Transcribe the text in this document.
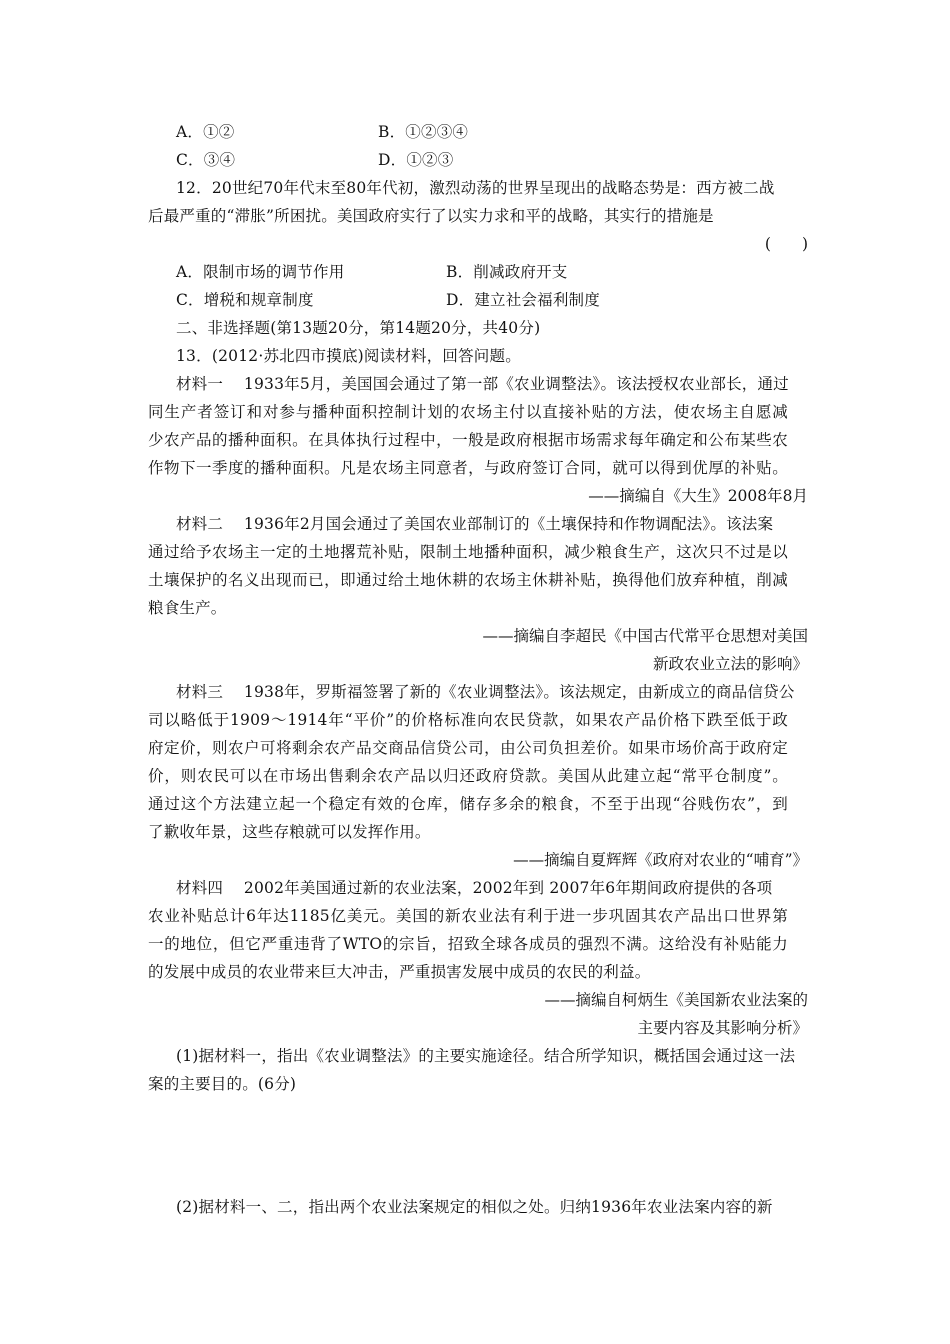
A．①②	B．①②③④
C．③④	D．①②③
12．20世纪70年代末至80年代初，激烈动荡的世界呈现出的战略态势是：西方被二战
后最严重的“滞胀”所困扰。美国政府实行了以实力求和平的战略，其实行的措施是
(　　)
A．限制市场的调节作用	B．削减政府开支
C．增税和规章制度	D．建立社会福利制度
二、非选择题(第13题20分，第14题20分，共40分)
13．(2012·苏北四市摸底)阅读材料，回答问题。
材料一　 1933年5月，美国国会通过了第一部《农业调整法》。该法授权农业部长，通过
同生产者签订和对参与播种面积控制计划的农场主付以直接补贴的方法，使农场主自愿减
少农产品的播种面积。在具体执行过程中，一般是政府根据市场需求每年确定和公布某些农
作物下一季度的播种面积。凡是农场主同意者，与政府签订合同，就可以得到优厚的补贴。
——摘编自《大生》2008年8月
材料二　 1936年2月国会通过了美国农业部制订的《土壤保持和作物调配法》。该法案
通过给予农场主一定的土地撂荒补贴，限制土地播种面积，减少粮食生产，这次只不过是以
土壤保护的名义出现而已，即通过给土地休耕的农场主休耕补贴，换得他们放弃种植，削减
粮食生产。
——摘编自李超民《中国古代常平仓思想对美国
新政农业立法的影响》
材料三　 1938年，罗斯福签署了新的《农业调整法》。该法规定，由新成立的商品信贷公
司以略低于1909～1914年“平价”的价格标准向农民贷款，如果农产品价格下跌至低于政
府定价，则农户可将剩余农产品交商品信贷公司，由公司负担差价。如果市场价高于政府定
价，则农民可以在市场出售剩余农产品以归还政府贷款。美国从此建立起“常平仓制度”。
通过这个方法建立起一个稳定有效的仓库，储存多余的粮食，不至于出现“谷贱伤农”，到
了歉收年景，这些存粮就可以发挥作用。
——摘编自夏辉辉《政府对农业的“哺育”》
材料四　 2002年美国通过新的农业法案，2002年到 2007年6年期间政府提供的各项
农业补贴总计6年达1185亿美元。美国的新农业法有利于进一步巩固其农产品出口世界第
一的地位，但它严重违背了WTO的宗旨，招致全球各成员的强烈不满。这给没有补贴能力
的发展中成员的农业带来巨大冲击，严重损害发展中成员的农民的利益。
——摘编自柯炳生《美国新农业法案的
主要内容及其影响分析》
(1)据材料一，指出《农业调整法》的主要实施途径。结合所学知识，概括国会通过这一法
案的主要目的。(6分)
(2)据材料一、二，指出两个农业法案规定的相似之处。归纳1936年农业法案内容的新
